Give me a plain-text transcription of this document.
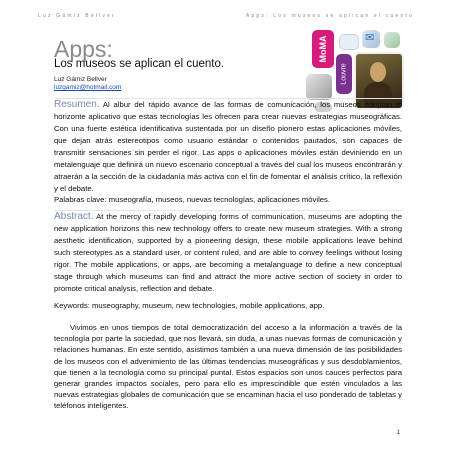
Luz Gámiz Bellver	Apps: Los museos se aplican el cuento
Apps:
Los museos se aplican el cuento.
Luz Gámiz Bellver
luzgamiz@hotmail.com
MoMA	✉
Louvre
Resumen. Al albur del rápido avance de las formas de comunicación, los museos adoptan el horizonte aplicativo que estas tecnologías les ofrecen para crear nuevas estrategias museográficas. Con una fuerte estética identificativa sustentada por un diseño pionero estas aplicaciones móviles, que dejan atrás estereotipos como usuario estándar o contenidos pautados, son capaces de transmitir sensaciones sin perder el rigor. Las apps o aplicaciones móviles están deviniendo en un metalenguaje que definirá un nuevo escenario conceptual a través del cual los museos encontrarán y atraerán a la sección de la ciudadanía más activa con el fin de fomentar el análisis crítico, la reflexión y el debate.
Palabras clave: museografía, museos, nuevas tecnologías, aplicaciones móviles.
Abstract. At the mercy of rapidly developing forms of communication, museums are adopting the new application horizons this new technology offers to create new museum strategies. With a strong aesthetic identification, supported by a pioneering design, these mobile applications leave behind such stereotypes as a standard user, or content ruled, and are able to convey feelings without losing rigor. The mobile applications, or apps, are becoming a metalanguage to define a new conceptual stage through which museums can find and attract the more active section of society in order to promote critical analysis, reflection and debate.
Keywords: museography, museum, new technologies, mobile applications, app.
Vivimos en unos tiempos de total democratización del acceso a la información a través de la tecnología por parte la sociedad, que nos llevará, sin duda, a unas nuevas formas de comunicación y relaciones humanas. En este sentido, asistimos también a una nueva dimensión de las posibilidades de los museos con el advenimiento de las últimas tendencias museográficas y sus desdoblamientos, que tienen a la tecnología como su principal puntal. Estos espacios son unos cauces perfectos para generar grandes impactos sociales, pero para ello es imprescindible que estén vinculados a las nuevas estrategias globales de comunicación que se encaminan hacia el uso ponderado de tabletas y teléfonos inteligentes.
1
